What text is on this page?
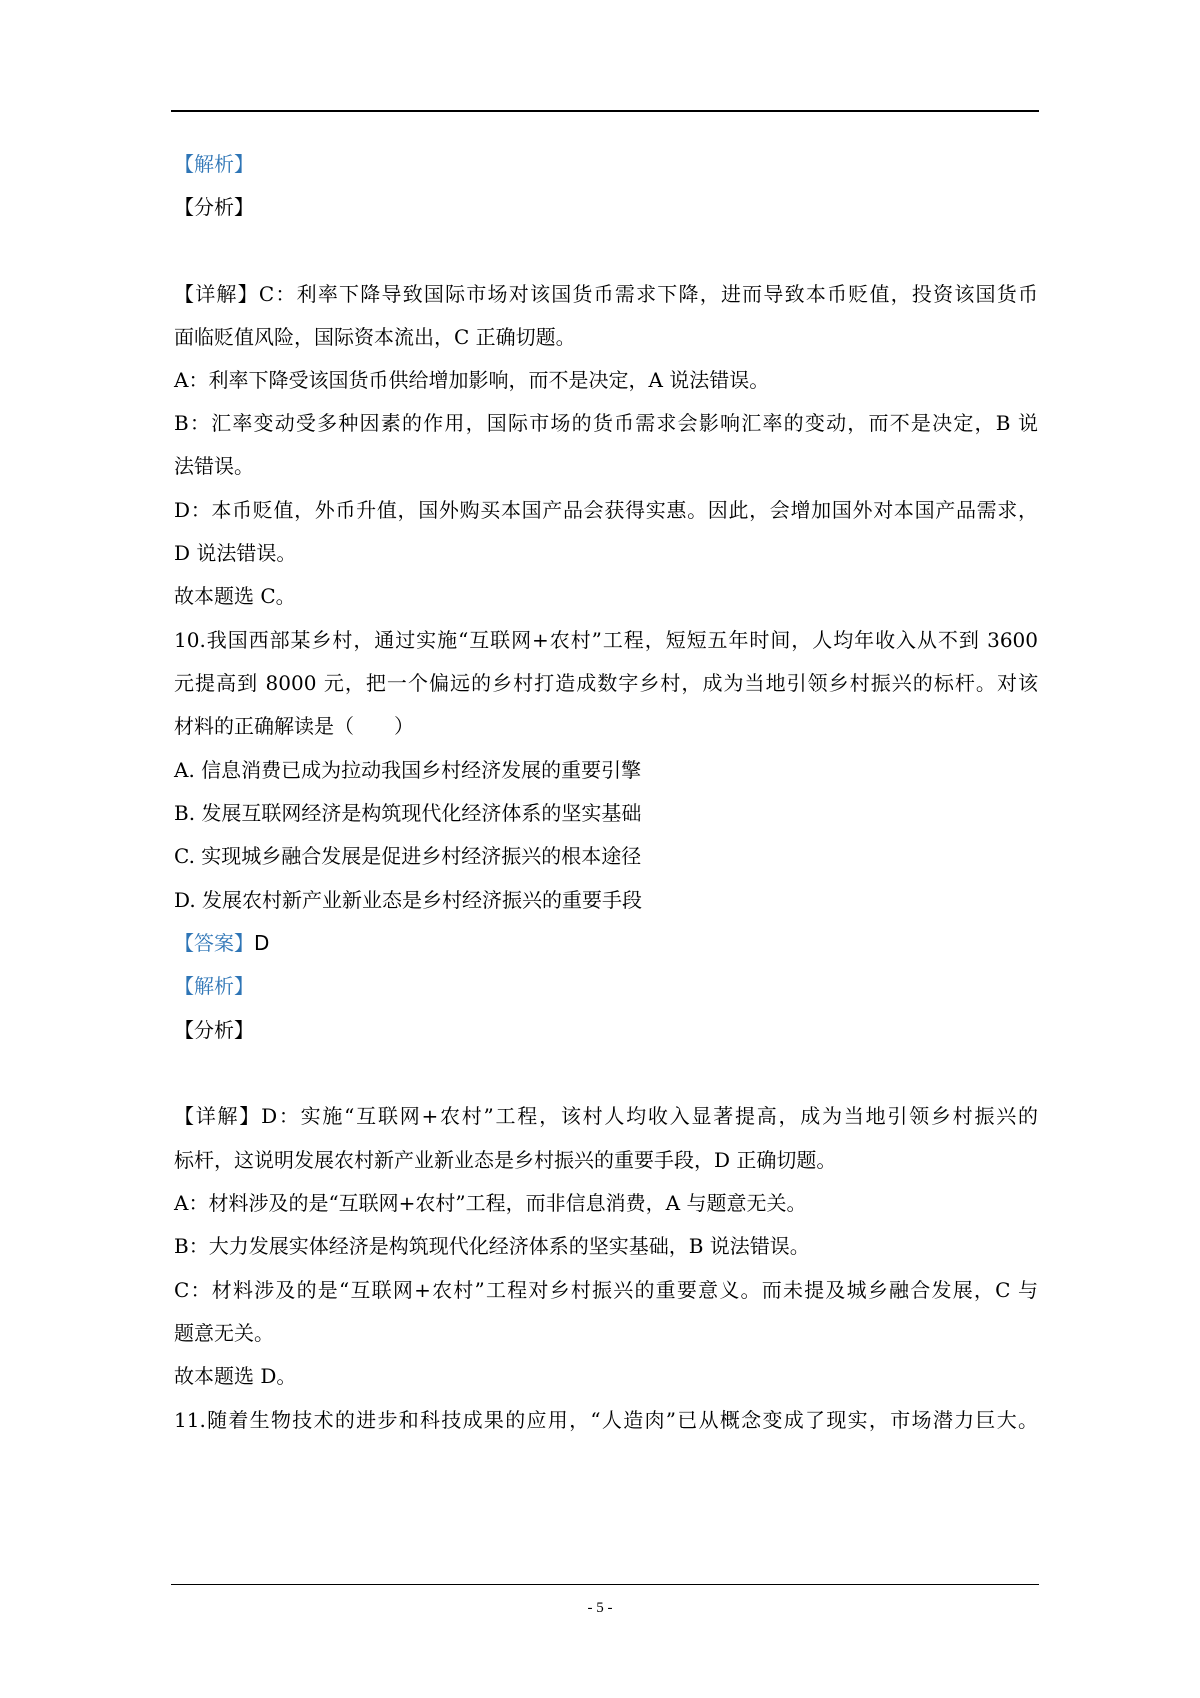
【解析】
【分析】
【详解】C：利率下降导致国际市场对该国货币需求下降，进而导致本币贬值，投资该国货币
面临贬值风险，国际资本流出，C 正确切题。
A：利率下降受该国货币供给增加影响，而不是决定，A 说法错误。
B：汇率变动受多种因素的作用，国际市场的货币需求会影响汇率的变动，而不是决定，B 说
法错误。
D：本币贬值，外币升值，国外购买本国产品会获得实惠。因此，会增加国外对本国产品需求，
D 说法错误。
故本题选 C。
10.我国西部某乡村，通过实施“互联网+农村”工程，短短五年时间，人均年收入从不到 3600
元提高到 8000 元，把一个偏远的乡村打造成数字乡村，成为当地引领乡村振兴的标杆。对该
材料的正确解读是（　　）
A. 信息消费已成为拉动我国乡村经济发展的重要引擎
B. 发展互联网经济是构筑现代化经济体系的坚实基础
C. 实现城乡融合发展是促进乡村经济振兴的根本途径
D. 发展农村新产业新业态是乡村经济振兴的重要手段
【答案】D
【解析】
【分析】
【详解】D：实施“互联网+农村”工程，该村人均收入显著提高，成为当地引领乡村振兴的
标杆，这说明发展农村新产业新业态是乡村振兴的重要手段，D 正确切题。
A：材料涉及的是“互联网+农村”工程，而非信息消费，A 与题意无关。
B：大力发展实体经济是构筑现代化经济体系的坚实基础，B 说法错误。
C：材料涉及的是“互联网+农村”工程对乡村振兴的重要意义。而未提及城乡融合发展，C 与
题意无关。
故本题选 D。
11.随着生物技术的进步和科技成果的应用，“人造肉”已从概念变成了现实，市场潜力巨大。
- 5 -
